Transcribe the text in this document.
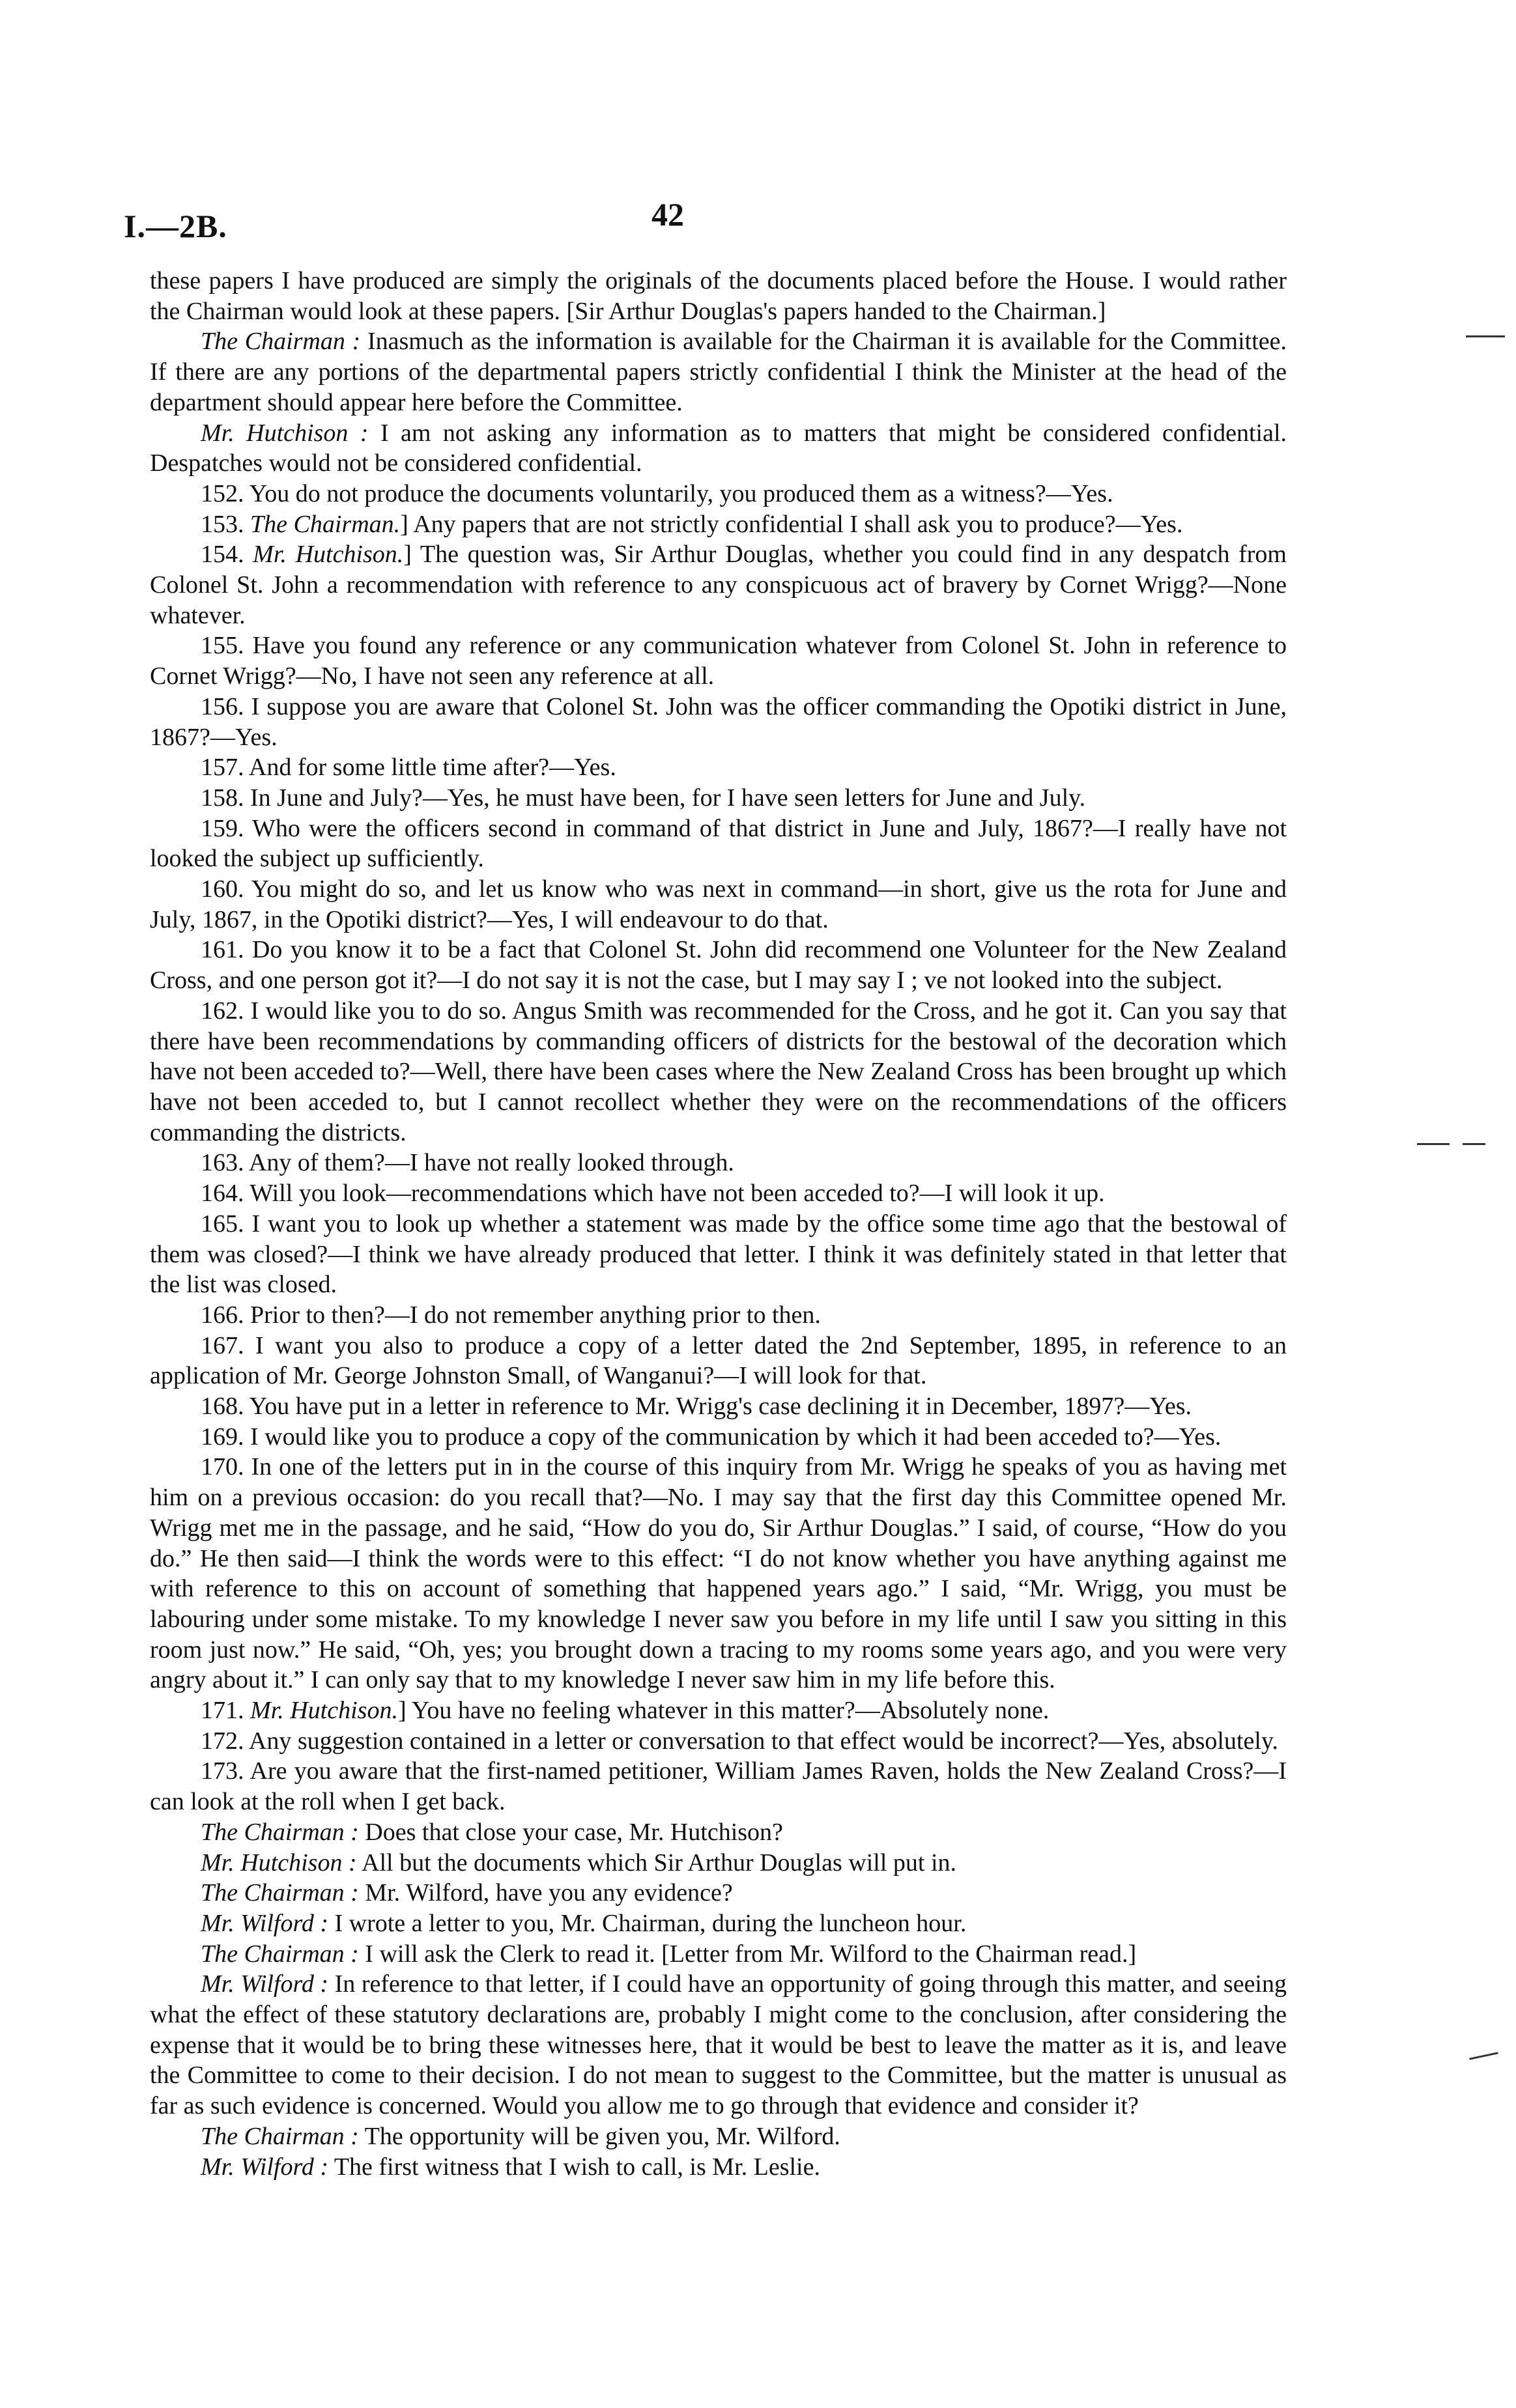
I.—2B.	42

these papers I have produced are simply the originals of the documents placed before the House. I would rather the Chairman would look at these papers. [Sir Arthur Douglas's papers handed to the Chairman.]

The Chairman : Inasmuch as the information is available for the Chairman it is available for the Committee. If there are any portions of the departmental papers strictly confidential I think the Minister at the head of the department should appear here before the Committee.

Mr. Hutchison : I am not asking any information as to matters that might be considered confidential. Despatches would not be considered confidential.

152. You do not produce the documents voluntarily, you produced them as a witness?—Yes.

153. The Chairman.] Any papers that are not strictly confidential I shall ask you to produce?—Yes.

154. Mr. Hutchison.] The question was, Sir Arthur Douglas, whether you could find in any despatch from Colonel St. John a recommendation with reference to any conspicuous act of bravery by Cornet Wrigg?—None whatever.

155. Have you found any reference or any communication whatever from Colonel St. John in reference to Cornet Wrigg?—No, I have not seen any reference at all.

156. I suppose you are aware that Colonel St. John was the officer commanding the Opotiki district in June, 1867?—Yes.

157. And for some little time after?—Yes.

158. In June and July?—Yes, he must have been, for I have seen letters for June and July.

159. Who were the officers second in command of that district in June and July, 1867?—I really have not looked the subject up sufficiently.

160. You might do so, and let us know who was next in command—in short, give us the rota for June and July, 1867, in the Opotiki district?—Yes, I will endeavour to do that.

161. Do you know it to be a fact that Colonel St. John did recommend one Volunteer for the New Zealand Cross, and one person got it?—I do not say it is not the case, but I may say I ; ve not looked into the subject.

162. I would like you to do so. Angus Smith was recommended for the Cross, and he got it. Can you say that there have been recommendations by commanding officers of districts for the bestowal of the decoration which have not been acceded to?—Well, there have been cases where the New Zealand Cross has been brought up which have not been acceded to, but I cannot recollect whether they were on the recommendations of the officers commanding the districts.

163. Any of them?—I have not really looked through.

164. Will you look—recommendations which have not been acceded to?—I will look it up.

165. I want you to look up whether a statement was made by the office some time ago that the bestowal of them was closed?—I think we have already produced that letter. I think it was definitely stated in that letter that the list was closed.

166. Prior to then?—I do not remember anything prior to then.

167. I want you also to produce a copy of a letter dated the 2nd September, 1895, in reference to an application of Mr. George Johnston Small, of Wanganui?—I will look for that.

168. You have put in a letter in reference to Mr. Wrigg's case declining it in December, 1897?—Yes.

169. I would like you to produce a copy of the communication by which it had been acceded to?—Yes.

170. In one of the letters put in in the course of this inquiry from Mr. Wrigg he speaks of you as having met him on a previous occasion: do you recall that?—No. I may say that the first day this Committee opened Mr. Wrigg met me in the passage, and he said, “How do you do, Sir Arthur Douglas.” I said, of course, “How do you do.” He then said—I think the words were to this effect: “I do not know whether you have anything against me with reference to this on account of something that happened years ago.” I said, “Mr. Wrigg, you must be labouring under some mistake. To my knowledge I never saw you before in my life until I saw you sitting in this room just now.” He said, “Oh, yes; you brought down a tracing to my rooms some years ago, and you were very angry about it.” I can only say that to my knowledge I never saw him in my life before this.

171. Mr. Hutchison.] You have no feeling whatever in this matter?—Absolutely none.

172. Any suggestion contained in a letter or conversation to that effect would be incorrect?—Yes, absolutely.

173. Are you aware that the first-named petitioner, William James Raven, holds the New Zealand Cross?—I can look at the roll when I get back.

The Chairman : Does that close your case, Mr. Hutchison?

Mr. Hutchison : All but the documents which Sir Arthur Douglas will put in.

The Chairman : Mr. Wilford, have you any evidence?

Mr. Wilford : I wrote a letter to you, Mr. Chairman, during the luncheon hour.

The Chairman : I will ask the Clerk to read it. [Letter from Mr. Wilford to the Chairman read.]

Mr. Wilford : In reference to that letter, if I could have an opportunity of going through this matter, and seeing what the effect of these statutory declarations are, probably I might come to the conclusion, after considering the expense that it would be to bring these witnesses here, that it would be best to leave the matter as it is, and leave the Committee to come to their decision. I do not mean to suggest to the Committee, but the matter is unusual as far as such evidence is concerned. Would you allow me to go through that evidence and consider it?

The Chairman : The opportunity will be given you, Mr. Wilford.

Mr. Wilford : The first witness that I wish to call, is Mr. Leslie.
